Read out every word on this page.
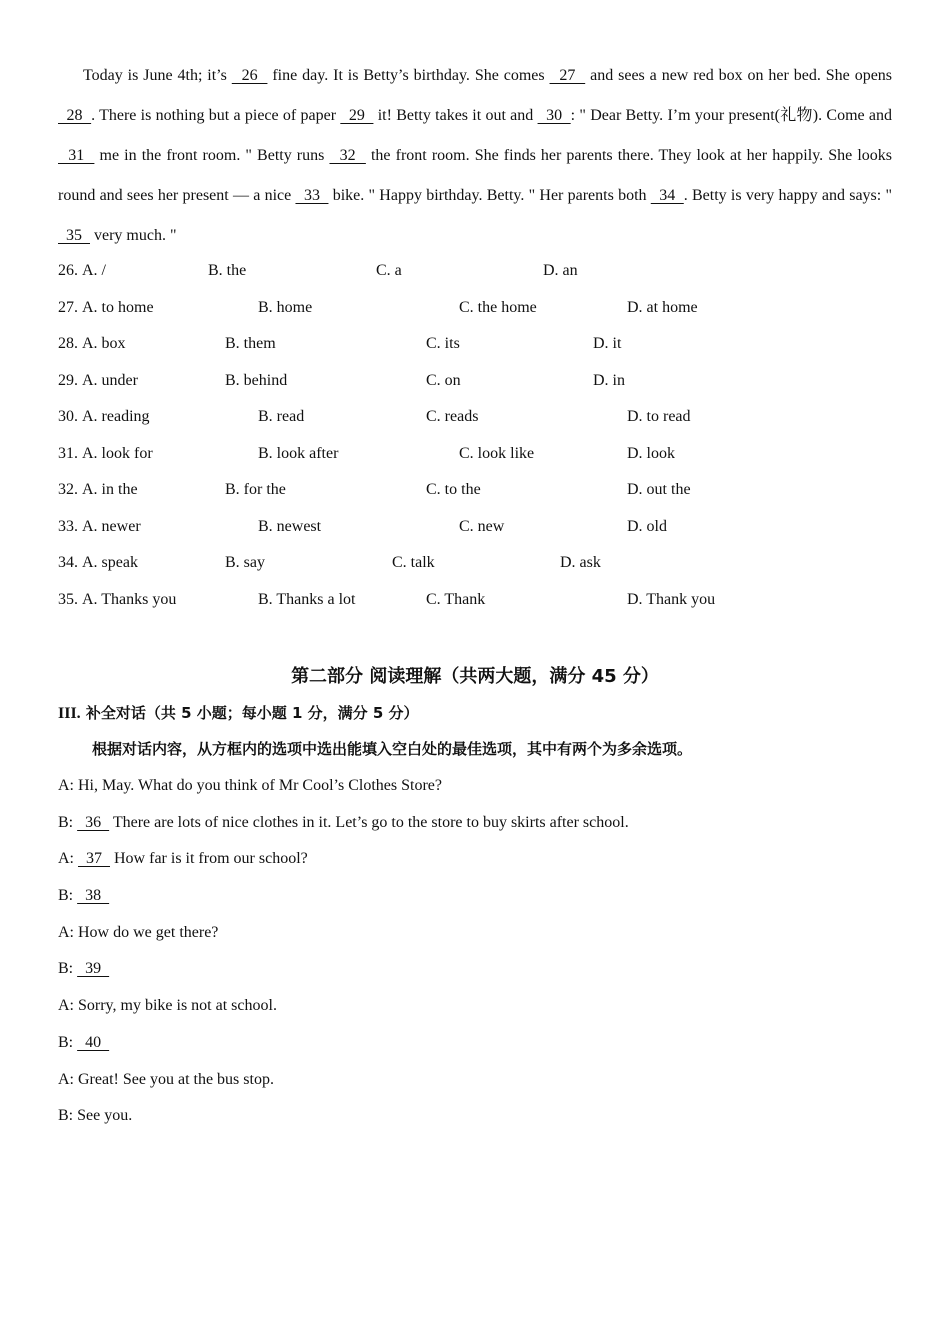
Today is June 4th; it’s   26   fine day. It is Betty’s birthday. She comes   27   and sees a new red box on her bed. She opens   28  . There is nothing but a piece of paper   29   it! Betty takes it out and   30  : " Dear Betty. I’m your present(礼物). Come and   31   me in the front room. " Betty runs   32   the front room. She finds her parents there. They look at her happily. She looks round and sees her present — a nice   33   bike. " Happy birthday. Betty. " Her parents both   34  . Betty is very happy and says: "   35   very much. "

26. A. /	B. the	C. a	D. an
27. A. to home	B. home	C. the home	D. at home
28. A. box	B. them	C. its	D. it
29. A. under	B. behind	C. on	D. in
30. A. reading	B. read	C. reads	D. to read
31. A. look for	B. look after	C. look like	D. look
32. A. in the	B. for the	C. to the	D. out the
33. A. newer	B. newest	C. new	D. old
34. A. speak	B. say	C. talk	D. ask
35. A. Thanks you	B. Thanks a lot	C. Thank	D. Thank you
第二部分 阅读理解（共两大题，满分 45 分）
III. 补全对话（共 5 小题；每小题 1 分，满分 5 分）
根据对话内容，从方框内的选项中选出能填入空白处的最佳选项，其中有两个为多余选项。
A: Hi, May. What do you think of Mr Cool’s Clothes Store?
B:   36   There are lots of nice clothes in it. Let’s go to the store to buy skirts after school.
A:   37   How far is it from our school?
B:   38
A: How do we get there?
B:   39
A: Sorry, my bike is not at school.
B:   40
A: Great! See you at the bus stop.
B: See you.
